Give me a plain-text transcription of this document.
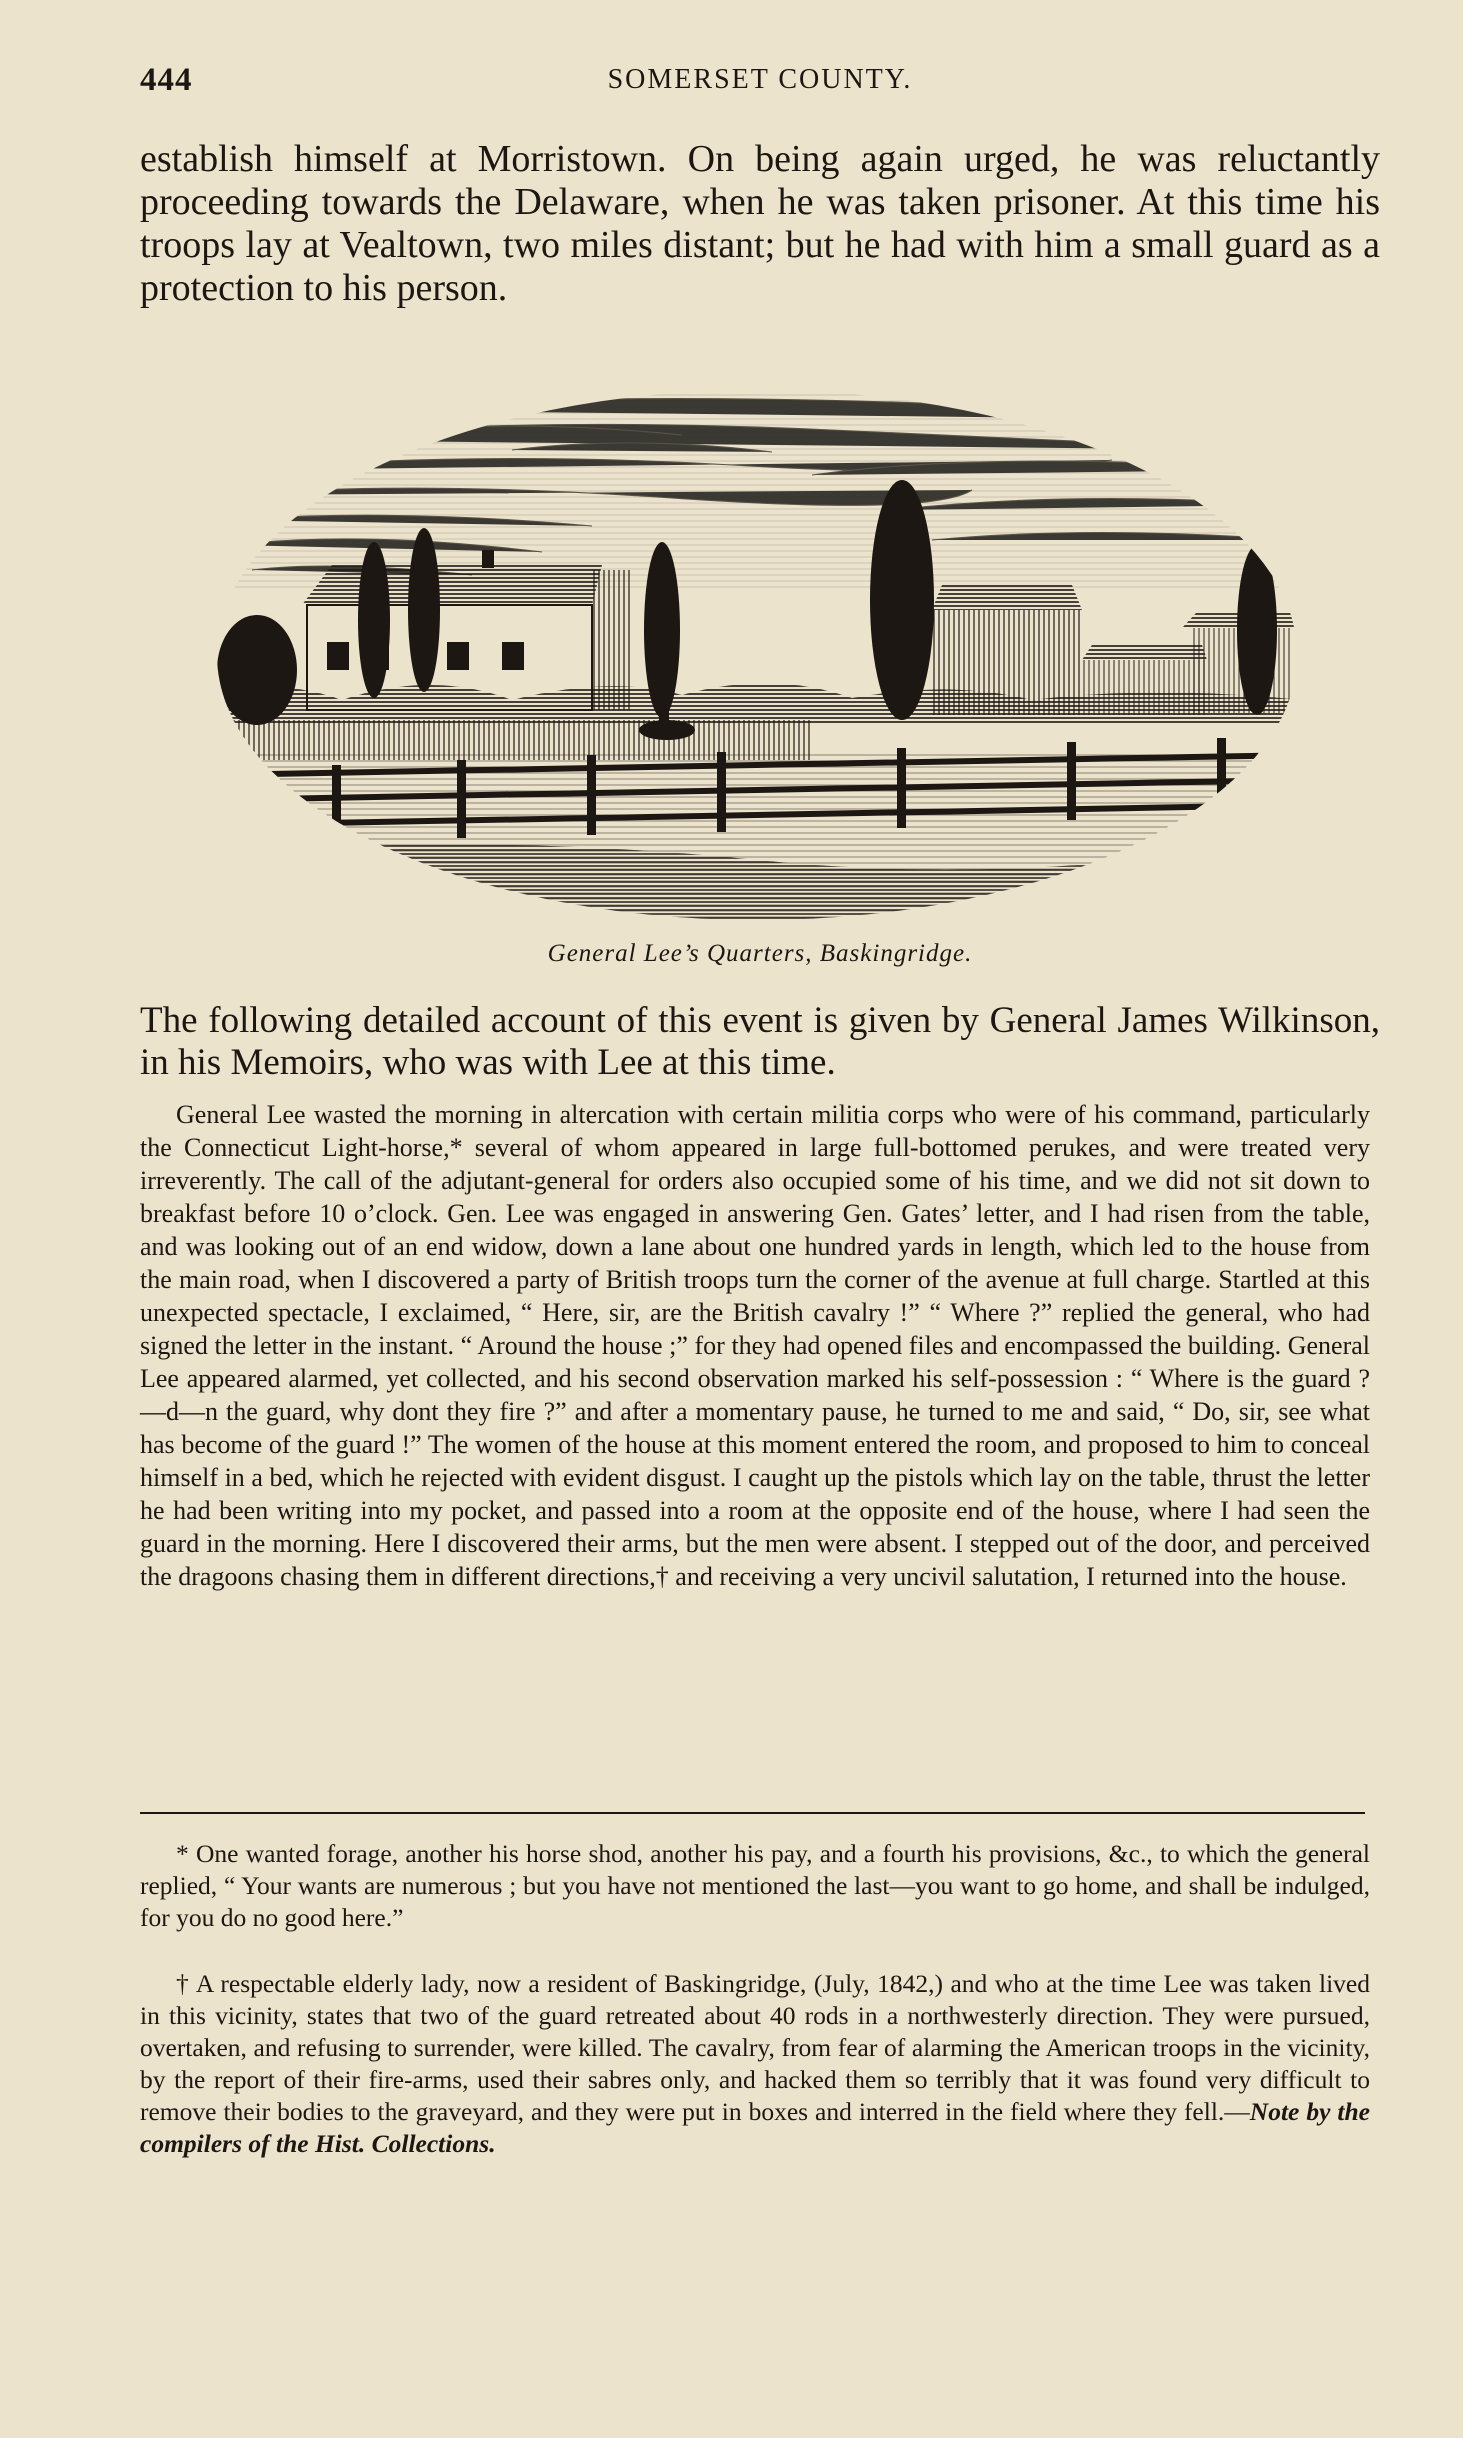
444	SOMERSET COUNTY.

establish himself at Morristown. On being again urged, he was reluctantly proceeding towards the Delaware, when he was taken prisoner. At this time his troops lay at Vealtown, two miles distant; but he had with him a small guard as a protection to his person.

General Lee’s Quarters, Baskingridge.

The following detailed account of this event is given by General James Wilkinson, in his Memoirs, who was with Lee at this time.

General Lee wasted the morning in altercation with certain militia corps who were of his command, particularly the Connecticut Light-horse,* several of whom appeared in large full-bottomed perukes, and were treated very irreverently. The call of the adjutant-general for orders also occupied some of his time, and we did not sit down to breakfast before 10 o’clock. Gen. Lee was engaged in answering Gen. Gates’ letter, and I had risen from the table, and was looking out of an end widow, down a lane about one hundred yards in length, which led to the house from the main road, when I discovered a party of British troops turn the corner of the avenue at full charge. Startled at this unexpected spectacle, I exclaimed, “ Here, sir, are the British cavalry !” “ Where ?” replied the general, who had signed the letter in the instant. “ Around the house ;” for they had opened files and encompassed the building. General Lee appeared alarmed, yet collected, and his second observation marked his self-possession : “ Where is the guard ?—d—n the guard, why dont they fire ?” and after a momentary pause, he turned to me and said, “ Do, sir, see what has become of the guard !” The women of the house at this moment entered the room, and proposed to him to conceal himself in a bed, which he rejected with evident disgust. I caught up the pistols which lay on the table, thrust the letter he had been writing into my pocket, and passed into a room at the opposite end of the house, where I had seen the guard in the morning. Here I discovered their arms, but the men were absent. I stepped out of the door, and perceived the dragoons chasing them in different directions,† and receiving a very uncivil salutation, I returned into the house.

* One wanted forage, another his horse shod, another his pay, and a fourth his provisions, &c., to which the general replied, “ Your wants are numerous ; but you have not mentioned the last—you want to go home, and shall be indulged, for you do no good here.”

† A respectable elderly lady, now a resident of Baskingridge, (July, 1842,) and who at the time Lee was taken lived in this vicinity, states that two of the guard retreated about 40 rods in a northwesterly direction. They were pursued, overtaken, and refusing to surrender, were killed. The cavalry, from fear of alarming the American troops in the vicinity, by the report of their fire-arms, used their sabres only, and hacked them so terribly that it was found very difficult to remove their bodies to the graveyard, and they were put in boxes and interred in the field where they fell.—Note by the compilers of the Hist. Collections.
